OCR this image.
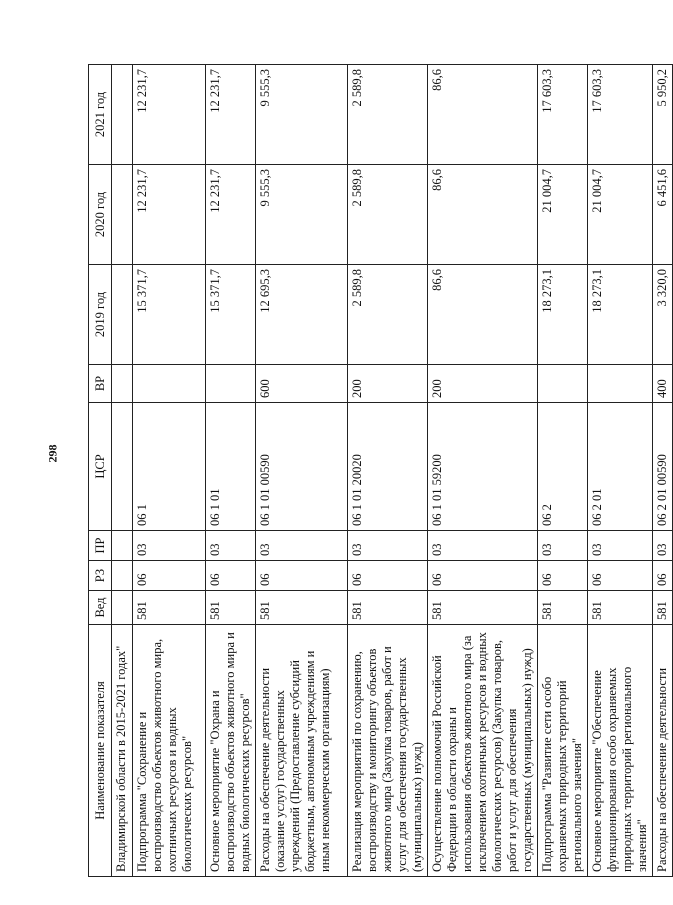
298
Наименование показателя	Вед	РЗ	ПР	ЦСР	ВР	2019 год	2020 год	2021 год
Владимирской области в 2015-2021 годах"								
Подпрограмма "Сохранение и воспроизводство объектов животного мира, охотничьих ресурсов и водных биологических ресурсов"	581	06	03	06 1		15 371,7	12 231,7	12 231,7
Основное мероприятие "Охрана и воспроизводство объектов животного мира и водных биологических ресурсов"	581	06	03	06 1 01		15 371,7	12 231,7	12 231,7
Расходы на обеспечение деятельности (оказание услуг) государственных учреждений (Предоставление субсидий бюджетным, автономным учреждениям и иным некоммерческим организациям)	581	06	03	06 1 01 00590	600	12 695,3	9 555,3	9 555,3
Реализация мероприятий по сохранению, воспроизводству и мониторингу объектов животного мира (Закупка товаров, работ и услуг для обеспечения государственных (муниципальных) нужд)	581	06	03	06 1 01 20020	200	2 589,8	2 589,8	2 589,8
Осуществление полномочий Российской Федерации в области охраны и использования объектов животного мира (за исключением охотничьих ресурсов и водных биологических ресурсов) (Закупка товаров, работ и услуг для обеспечения государственных (муниципальных) нужд)	581	06	03	06 1 01 59200	200	86,6	86,6	86,6
Подпрограмма "Развитие сети особо охраняемых природных территорий регионального значения"	581	06	03	06 2		18 273,1	21 004,7	17 603,3
Основное мероприятие "Обеспечение функционирования особо охраняемых природных территорий регионального значения"	581	06	03	06 2 01		18 273,1	21 004,7	17 603,3
Расходы на обеспечение деятельности	581	06	03	06 2 01 00590	400	3 320,0	6 451,6	5 950,2
